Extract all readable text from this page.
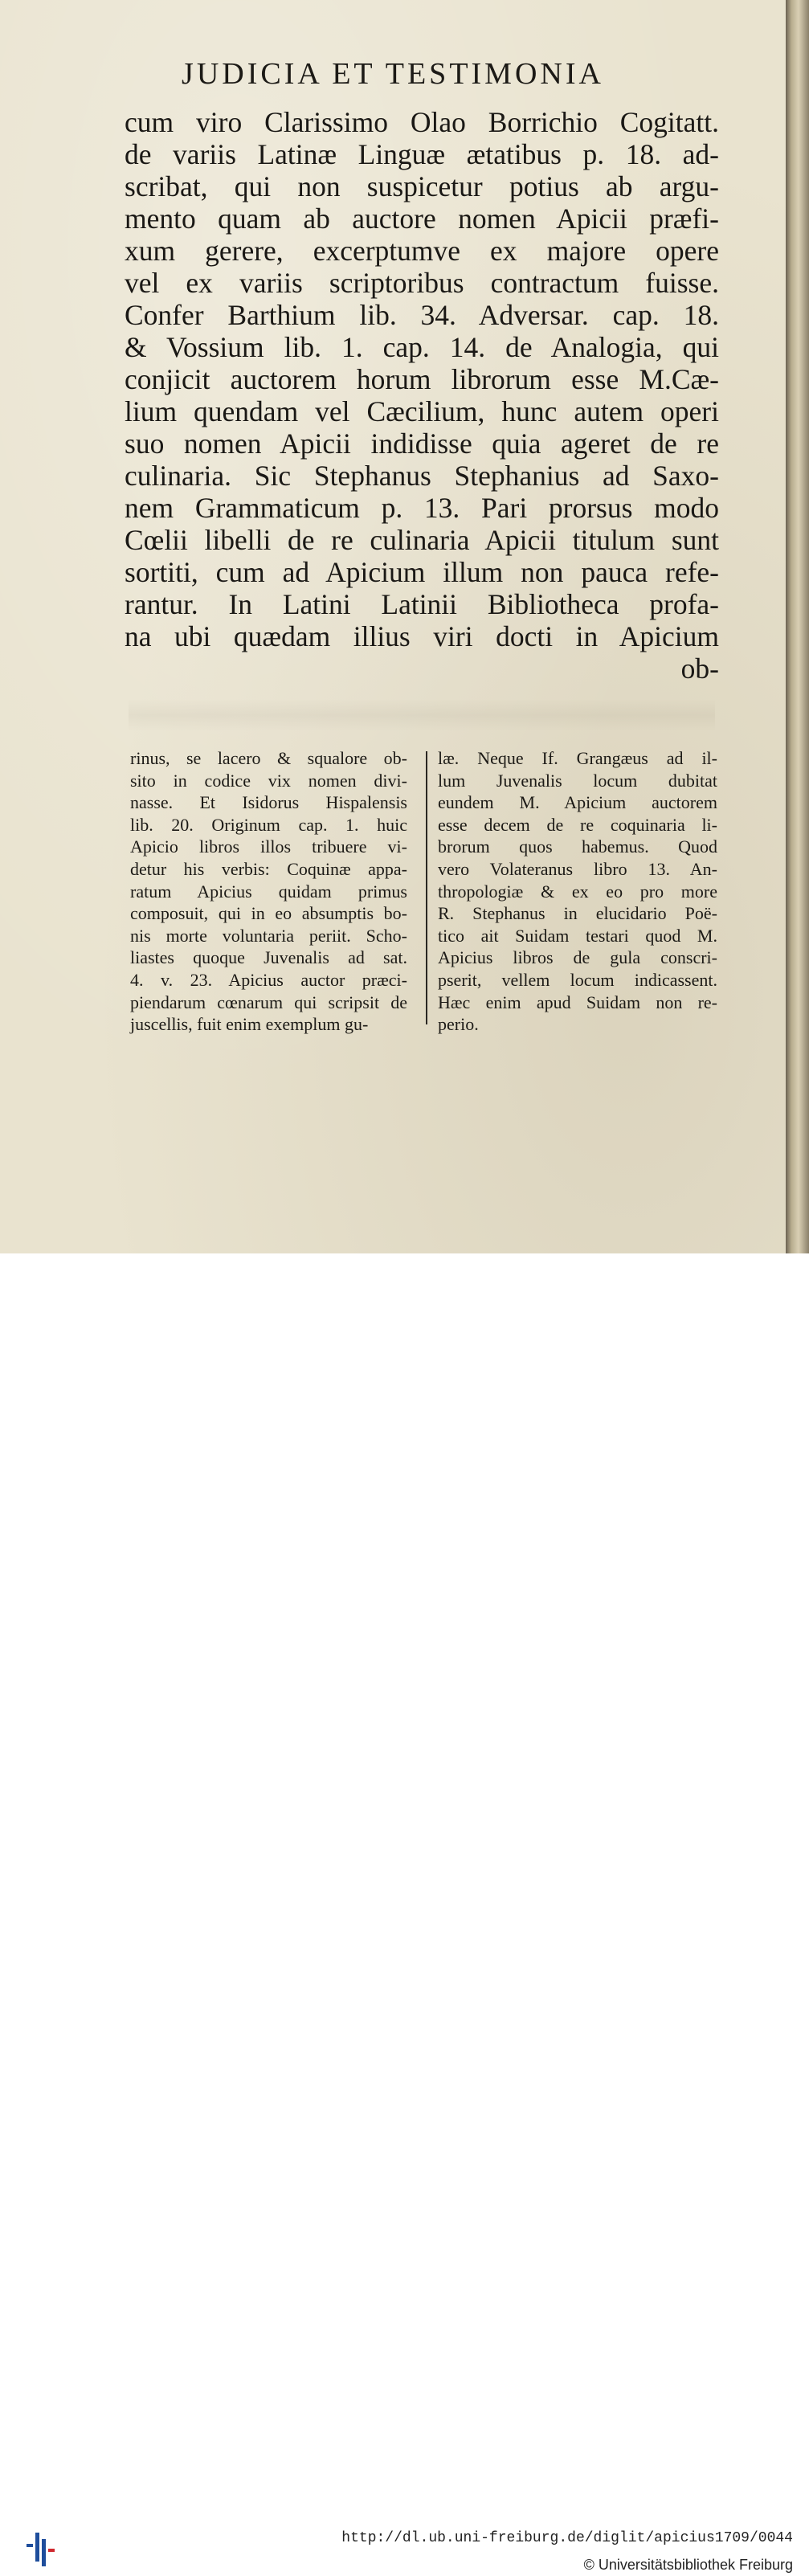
JUDICIA ET TESTIMONIA
cum viro Clarissimo Olao Borrichio Cogitatt.
de variis Latinæ Linguæ ætatibus p. 18. ad-
scribat, qui non suspicetur potius ab argu-
mento quam ab auctore nomen Apicii præfi-
xum gerere, excerptumve ex majore opere
vel ex variis scriptoribus contractum fuisse.
Confer Barthium lib. 34. Adversar. cap. 18.
& Vossium lib. 1. cap. 14. de Analogia, qui
conjicit auctorem horum librorum esse M.Cæ-
lium quendam vel Cæcilium, hunc autem operi
suo nomen Apicii indidisse quia ageret de re
culinaria. Sic Stephanus Stephanius ad Saxo-
nem Grammaticum p. 13. Pari prorsus modo
Cœlii libelli de re culinaria Apicii titulum sunt
sortiti, cum ad Apicium illum non pauca refe-
rantur. In Latini Latinii Bibliotheca profa-
na ubi quædam illius viri docti in Apicium
ob-
rinus, se lacero & squalore ob-
sito in codice vix nomen divi-
nasse. Et Isidorus Hispalensis
lib. 20. Originum cap. 1. huic
Apicio libros illos tribuere vi-
detur his verbis: Coquinæ appa-
ratum Apicius quidam primus
composuit, qui in eo absumptis bo-
nis morte voluntaria periit. Scho-
liastes quoque Juvenalis ad sat.
4. v. 23. Apicius auctor præci-
piendarum cœnarum qui scripsit de
juscellis, fuit enim exemplum gu-
læ. Neque If. Grangæus ad il-
lum Juvenalis locum dubitat
eundem M. Apicium auctorem
esse decem de re coquinaria li-
brorum quos habemus. Quod
vero Volateranus libro 13. An-
thropologiæ & ex eo pro more
R. Stephanus in elucidario Poë-
tico ait Suidam testari quod M.
Apicius libros de gula conscri-
pserit, vellem locum indicassent.
Hæc enim apud Suidam non re-
perio.
http://dl.ub.uni-freiburg.de/diglit/apicius1709/0044
© Universitätsbibliothek Freiburg
